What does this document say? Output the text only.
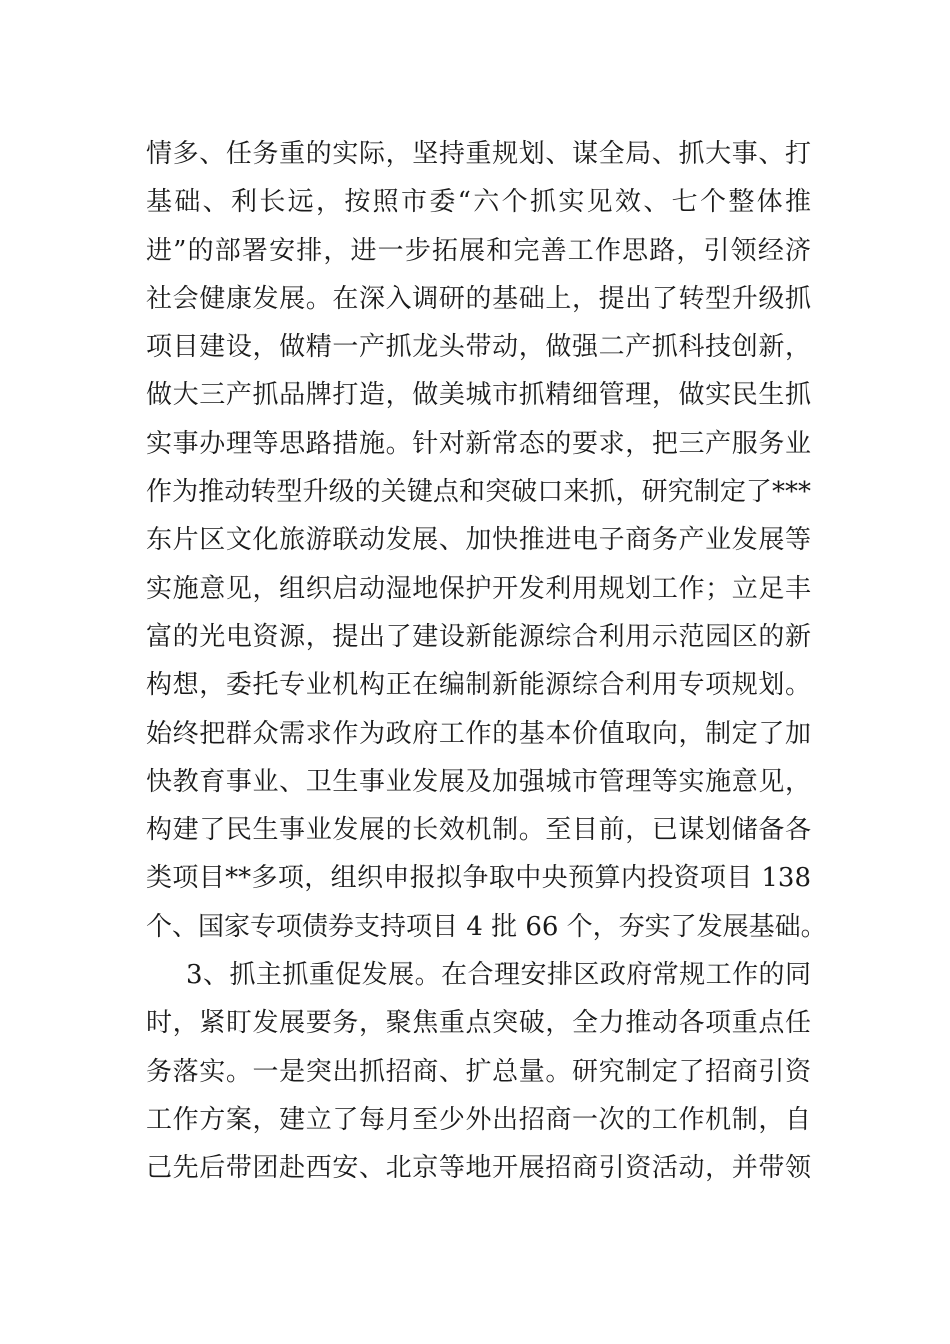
情多、任务重的实际，坚持重规划、谋全局、抓大事、打
基础、利长远，按照市委“六个抓实见效、七个整体推
进”的部署安排，进一步拓展和完善工作思路，引领经济
社会健康发展。在深入调研的基础上，提出了转型升级抓
项目建设，做精一产抓龙头带动，做强二产抓科技创新，
做大三产抓品牌打造，做美城市抓精细管理，做实民生抓
实事办理等思路措施。针对新常态的要求，把三产服务业
作为推动转型升级的关键点和突破口来抓，研究制定了***
东片区文化旅游联动发展、加快推进电子商务产业发展等
实施意见，组织启动湿地保护开发利用规划工作；立足丰
富的光电资源，提出了建设新能源综合利用示范园区的新
构想，委托专业机构正在编制新能源综合利用专项规划。
始终把群众需求作为政府工作的基本价值取向，制定了加
快教育事业、卫生事业发展及加强城市管理等实施意见，
构建了民生事业发展的长效机制。至目前，已谋划储备各
类项目**多项，组织申报拟争取中央预算内投资项目 138
个、国家专项债券支持项目 4 批 66 个，夯实了发展基础。
3、抓主抓重促发展。在合理安排区政府常规工作的同
时，紧盯发展要务，聚焦重点突破，全力推动各项重点任
务落实。一是突出抓招商、扩总量。研究制定了招商引资
工作方案，建立了每月至少外出招商一次的工作机制，自
己先后带团赴西安、北京等地开展招商引资活动，并带领
